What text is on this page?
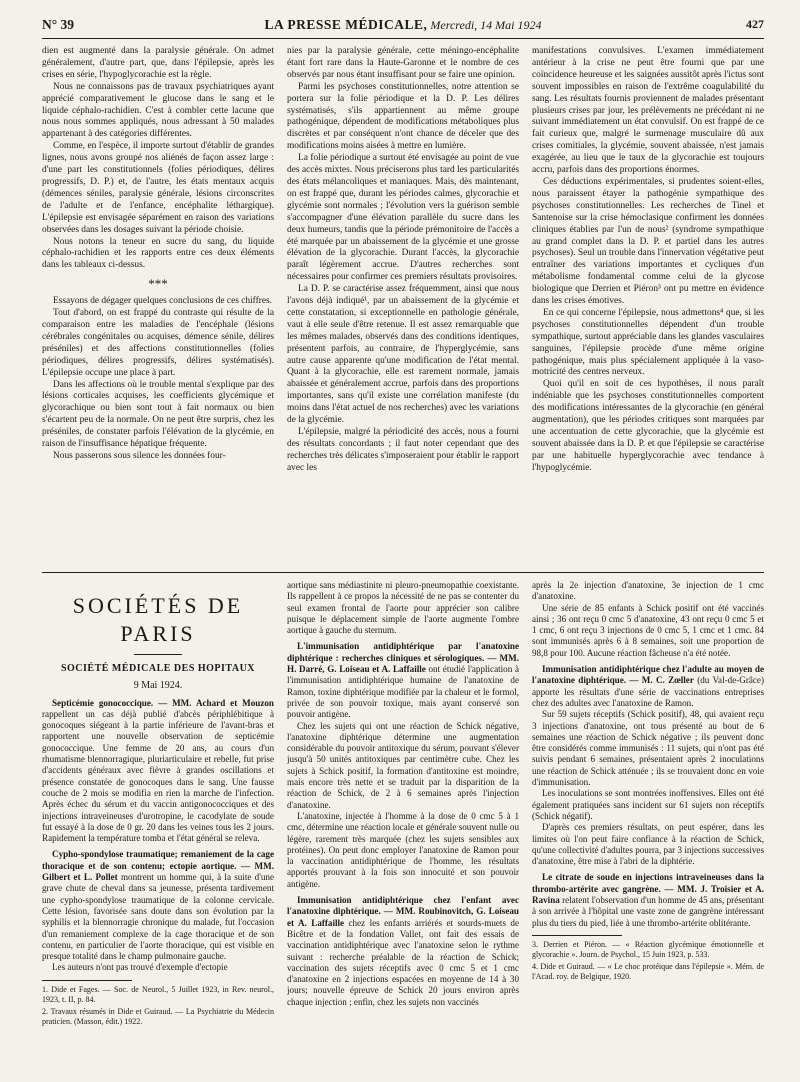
N° 39	LA PRESSE MÉDICALE, Mercredi, 14 Mai 1924	427

dien est augmenté dans la paralysie générale. On admet généralement, d'autre part, que, dans l'épilepsie, après les crises en série, l'hypoglycorachie est la règle.

Nous ne connaissons pas de travaux psychiatriques ayant apprécié comparativement le glucose dans le sang et le liquide céphalo-rachidien. C'est à combler cette lacune que nous nous sommes appliqués, nous adressant à 50 malades appartenant à des catégories différentes.

Comme, en l'espèce, il importe surtout d'établir de grandes lignes, nous avons groupé nos aliénés de façon assez large : d'une part les constitutionnels (folies périodiques, délires progressifs, D. P.) et, de l'autre, les états mentaux acquis (démences séniles, paralysie générale, lésions circonscrites de l'adulte et de l'enfance, encéphalite léthargique). L'épilepsie est envisagée séparément en raison des variations observées dans les dosages suivant la période choisie.

Nous notons la teneur en sucre du sang, du liquide céphalo-rachidien et les rapports entre ces deux éléments dans les tableaux ci-dessus.

***

Essayons de dégager quelques conclusions de ces chiffres.

Tout d'abord, on est frappé du contraste qui résulte de la comparaison entre les maladies de l'encéphale (lésions cérébrales congénitales ou acquises, démence sénile, délires préséniles) et des affections constitutionnelles (folies périodiques, délires progressifs, délires systématisés). L'épilepsie occupe une place à part.

Dans les affections où le trouble mental s'explique par des lésions corticales acquises, les coefficients glycémique et glycorachique ou bien sont tout à fait normaux ou bien s'écartent peu de la normale. On ne peut être surpris, chez les préséniles, de constater parfois l'élévation de la glycémie, en raison de l'insuffisance hépatique fréquente.

Nous passerons sous silence les données four-

nies par la paralysie générale, cette méningo-encéphalite étant fort rare dans la Haute-Garonne et le nombre de ces observés par nous étant insuffisant pour se faire une opinion.

Parmi les psychoses constitutionnelles, notre attention se portera sur la folie périodique et la D. P. Les délires systématisés, s'ils appartiennent au même groupe pathogénique, dépendent de modifications métaboliques plus discrètes et par conséquent n'ont chance de déceler que des modifications moins aisées à mettre en lumière.

La folie périodique a surtout été envisagée au point de vue des accès mixtes. Nous préciserons plus tard les particularités des états mélancoliques et maniaques. Mais, dès maintenant, on est frappé que, durant les périodes calmes, glycorachie et glycémie sont normales ; l'évolution vers la guérison semble s'accompagner d'une élévation parallèle du sucre dans les deux humeurs, tandis que la période prémonitoire de l'accès a été marquée par un abaissement de la glycémie et une grosse élévation de la glycorachie. Durant l'accès, la glycorachie paraît légèrement accrue. D'autres recherches sont nécessaires pour confirmer ces premiers résultats provisoires.

La D. P. se caractérise assez fréquemment, ainsi que nous l'avons déjà indiqué¹, par un abaissement de la glycémie et cette constatation, si exceptionnelle en pathologie générale, vaut à elle seule d'être retenue. Il est assez remarquable que les mêmes malades, observés dans des conditions identiques, présentent parfois, au contraire, de l'hyperglycémie, sans autre cause apparente qu'une modification de l'état mental. Quant à la glycorachie, elle est rarement normale, jamais abaissée et généralement accrue, parfois dans des proportions importantes, sans qu'il existe une corrélation manifeste (du moins dans l'état actuel de nos recherches) avec les variations de la glycémie.

L'épilepsie, malgré la périodicité des accès, nous a fourni des résultats concordants ; il faut noter cependant que des recherches très délicates s'imposeraient pour établir le rapport avec les

manifestations convulsives. L'examen immédiatement antérieur à la crise ne peut être fourni que par une coïncidence heureuse et les saignées aussitôt après l'ictus sont souvent impossibles en raison de l'extrême coagulabilité du sang. Les résultats fournis proviennent de malades présentant plusieurs crises par jour, les prélèvements ne précédant ni ne suivant immédiatement un état convulsif. On est frappé de ce fait curieux que, malgré le surmenage musculaire dû aux crises comitiales, la glycémie, souvent abaissée, n'est jamais exagérée, au lieu que le taux de la glycorachie est toujours accru, parfois dans des proportions énormes.

Ces déductions expérimentales, si prudentes soient-elles, nous paraissent étayer la pathogénie sympathique des psychoses constitutionnelles. Les recherches de Tinel et Santenoise sur la crise hémoclasique confirment les données cliniques établies par l'un de nous² (syndrome sympathique au grand complet dans la D. P. et partiel dans les autres psychoses). Seul un trouble dans l'innervation végétative peut entraîner des variations importantes et cycliques d'un métabolisme fondamental comme celui de la glycose biologique que Derrien et Piéron³ ont pu mettre en évidence dans les crises émotives.

En ce qui concerne l'épilepsie, nous admettons⁴ que, si les psychoses constitutionnelles dépendent d'un trouble sympathique, surtout appréciable dans les glandes vasculaires sanguines, l'épilepsie procède d'une même origine pathogénique, mais plus spécialement appliquée à la vaso-motricité des centres nerveux.

Quoi qu'il en soit de ces hypothèses, il nous paraît indéniable que les psychoses constitutionnelles comportent des modifications intéressantes de la glycorachie (en général augmentation), que les périodes critiques sont marquées par une accentuation de cette glycorachie, que la glycémie est souvent abaissée dans la D. P. et que l'épilepsie se caractérise par une habituelle hyperglycorachie avec tendance à l'hypoglycémie.

SOCIÉTÉS DE PARIS
SOCIÉTÉ MÉDICALE DES HOPITAUX
9 Mai 1924.

Septicémie gonococcique. — MM. Achard et Mouzon rappellent un cas déjà publié d'abcès périphlébitique à gonocoques siégeant à la partie inférieure de l'avant-bras et rapportent une nouvelle observation de septicémie gonococcique. Une femme de 20 ans, au cours d'un rhumatisme blennorragique, pluriarticulaire et rebelle, fut prise d'accidents généraux avec fièvre à grandes oscillations et présence constatée de gonocoques dans le sang. Une fausse couche de 2 mois se modifia en rien la marche de l'infection. Après échec du sérum et du vaccin antigonococciques et des injections intraveineuses d'urotropine, le cacodylate de soude fut essayé à la dose de 0 gr. 20 dans les veines tous les 2 jours. Rapidement la température tomba et l'état général se releva.

Cypho-spondylose traumatique; remaniement de la cage thoracique et de son contenu; ectopie aortique. — MM. Gilbert et L. Pollet montrent un homme qui, à la suite d'une grave chute de cheval dans sa jeunesse, présenta tardivement une cypho-spondylose traumatique de la colonne cervicale. Cette lésion, favorisée sans doute dans son évolution par la syphilis et la blennorragie chronique du malade, fut l'occasion d'un remaniement complexe de la cage thoracique et de son contenu, en particulier de l'aorte thoracique, qui est visible en presque totalité dans le champ pulmonaire gauche.

Les auteurs n'ont pas trouvé d'exemple d'ectopie

1. Dide et Fages. — Soc. de Neurol., 5 Juillet 1923, in Rev. neurol., 1923, t. II, p. 84.

2. Travaux résumés in Dide et Guiraud. — La Psychiatrie du Médecin praticien. (Masson, édit.) 1922.

aortique sans médiastinite ni pleuro-pneumopathie coexistante. Ils rappellent à ce propos la nécessité de ne pas se contenter du seul examen frontal de l'aorte pour apprécier son calibre puisque le déplacement simple de l'aorte augmente l'ombre aortique à gauche du sternum.

L'immunisation antidiphtérique par l'anatoxine diphtérique : recherches cliniques et sérologiques. — MM. H. Darré, G. Loiseau et A. Laffaille ont étudié l'application à l'immunisation antidiphtérique humaine de l'anatoxine de Ramon, toxine diphtérique modifiée par la chaleur et le formol, privée de son pouvoir toxique, mais ayant conservé son pouvoir antigène.

Chez les sujets qui ont une réaction de Schick négative, l'anatoxine diphtérique détermine une augmentation considérable du pouvoir antitoxique du sérum, pouvant s'élever jusqu'à 50 unités antitoxiques par centimètre cube. Chez les sujets à Schick positif, la formation d'antitoxine est moindre, mais encore très nette et se traduit par la disparition de la réaction de Schick, de 2 à 6 semaines après l'injection d'anatoxine.

L'anatoxine, injectée à l'homme à la dose de 0 cmc 5 à 1 cmc, détermine une réaction locale et générale souvent nulle ou légère, rarement très marquée (chez les sujets sensibles aux protéines). On peut donc employer l'anatoxine de Ramon pour la vaccination antidiphtérique de l'homme, les résultats apportés prouvant à la fois son innocuité et son pouvoir antigène.

Immunisation antidiphtérique chez l'enfant avec l'anatoxine diphtérique. — MM. Roubinovitch, G. Loiseau et A. Laffaille chez les enfants arriérés et sourds-muets de Bicêtre et de la fondation Vallet, ont fait des essais de vaccination antidiphtérique avec l'anatoxine selon le rythme suivant : recherche préalable de la réaction de Schick; vaccination des sujets réceptifs avec 0 cmc 5 et 1 cmc d'anatoxine en 2 injections espacées en moyenne de 14 à 30 jours; nouvelle épreuve de Schick 20 jours environ après chaque injection ; enfin, chez les sujets non vaccinés

après la 2e injection d'anatoxine, 3e injection de 1 cmc d'anatoxine.

Une série de 85 enfants à Schick positif ont été vaccinés ainsi ; 36 ont reçu 0 cmc 5 d'anatoxine, 43 ont reçu 0 cmc 5 et 1 cmc, 6 ont reçu 3 injections de 0 cmc 5, 1 cmc et 1 cmc. 84 sont immunisés après 6 à 8 semaines, soit une proportion de 98,8 pour 100. Aucune réaction fâcheuse n'a été notée.

Immunisation antidiphtérique chez l'adulte au moyen de l'anatoxine diphtérique. — M. C. Zœller (du Val-de-Grâce) apporte les résultats d'une série de vaccinations entreprises chez des adultes avec l'anatoxine de Ramon.

Sur 59 sujets réceptifs (Schick positif), 48, qui avaient reçu 3 injections d'anatoxine, ont tous présenté au bout de 6 semaines une réaction de Schick négative ; ils peuvent donc être considérés comme immunisés : 11 sujets, qui n'ont pas été suivis pendant 6 semaines, présentaient après 2 inoculations une réaction de Schick atténuée ; ils se trouvaient donc en voie d'immunisation.

Les inoculations se sont montrées inoffensives. Elles ont été également pratiquées sans incident sur 61 sujets non réceptifs (Schick négatif).

D'après ces premiers résultats, on peut espérer, dans les limites où l'on peut faire confiance à la réaction de Schick, qu'une collectivité d'adultes pourra, par 3 injections successives d'anatoxine, être mise à l'abri de la diphtérie.

Le citrate de soude en injections intraveineuses dans la thrombo-artérite avec gangrène. — MM. J. Troisier et A. Ravina relatent l'observation d'un homme de 45 ans, présentant à son arrivée à l'hôpital une vaste zone de gangrène intéressant plus du tiers du pied, liée à une thrombo-artérite oblitérante.

3. Derrien et Piéron. — « Réaction glycémique émotionnelle et glycorachie ». Journ. de Psychol., 15 Juin 1923, p. 533.

4. Dide et Guiraud. — « Le choc protéique dans l'épilepsie ». Mém. de l'Acad. roy. de Belgique, 1920.
